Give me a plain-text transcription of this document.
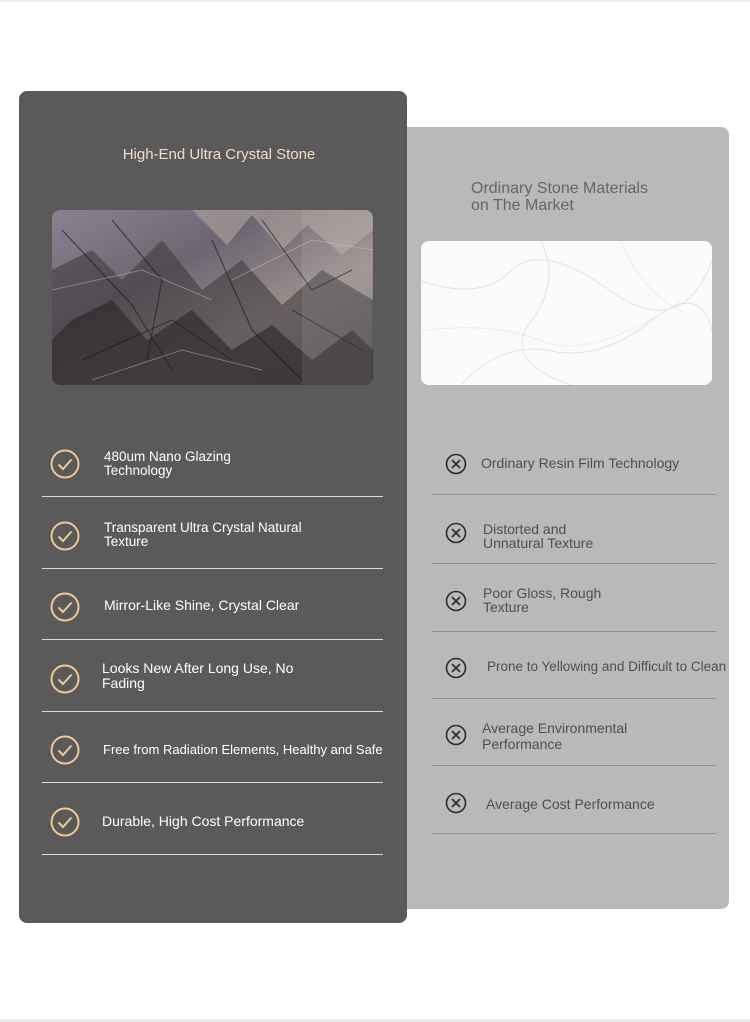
High-End Ultra Crystal Stone
480um Nano Glazing
Technology
Transparent Ultra Crystal Natural
Texture
Mirror-Like Shine, Crystal Clear
Looks New After Long Use, No
Fading
Free from Radiation Elements, Healthy and Safe
Durable, High Cost Performance
Ordinary Stone Materials
on The Market
Ordinary Resin Film Technology
Distorted and
Unnatural Texture
Poor Gloss, Rough
Texture
Prone to Yellowing and Difficult to Clean
Average Environmental
Performance
Average Cost Performance
